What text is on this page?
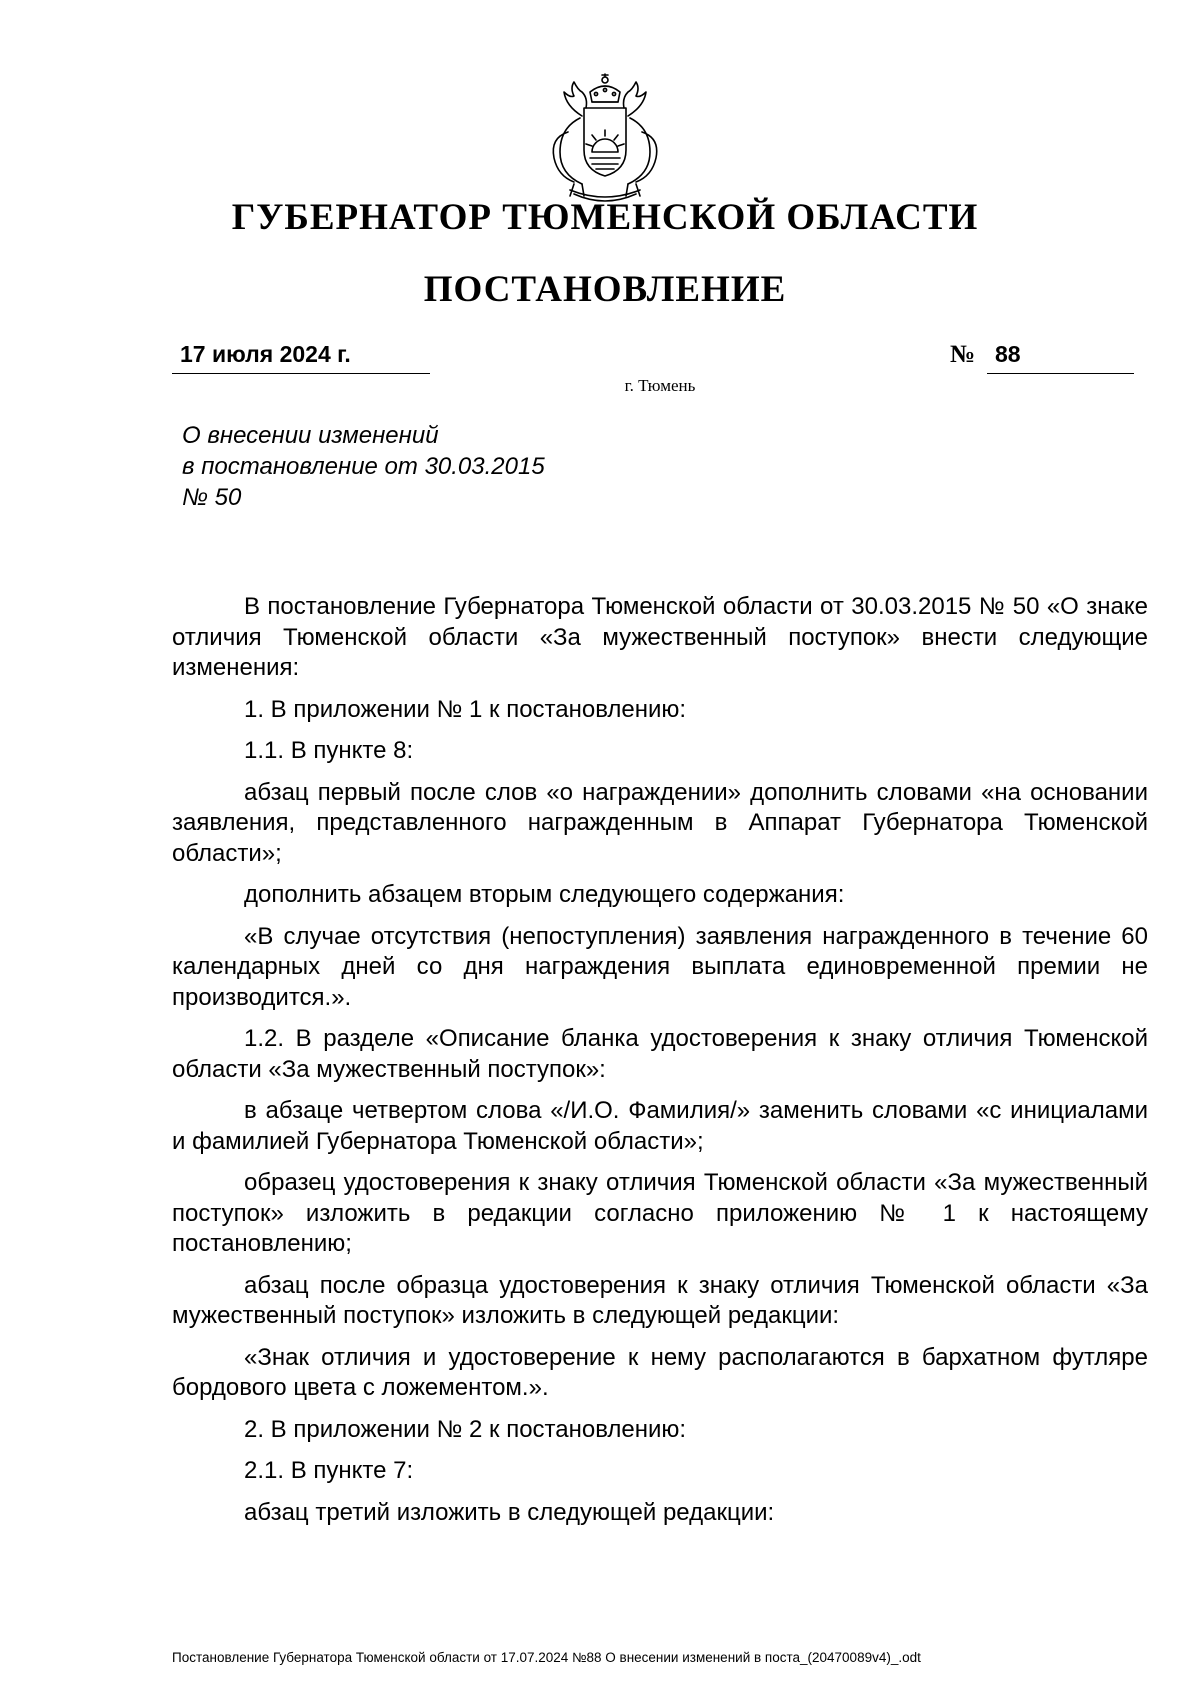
ГУБЕРНАТОР ТЮМЕНСКОЙ ОБЛАСТИ
ПОСТАНОВЛЕНИЕ
17 июля 2024 г.	№ 88
г. Тюмень
О внесении изменений
в постановление от 30.03.2015
№ 50

В постановление Губернатора Тюменской области от 30.03.2015 № 50 «О знаке отличия Тюменской области «За мужественный поступок» внести следующие изменения:

1. В приложении № 1 к постановлению:

1.1. В пункте 8:

абзац первый после слов «о награждении» дополнить словами «на основании заявления, представленного награжденным в Аппарат Губернатора Тюменской области»;

дополнить абзацем вторым следующего содержания:

«В случае отсутствия (непоступления) заявления награжденного в течение 60 календарных дней со дня награждения выплата единовременной премии не производится.».

1.2. В разделе «Описание бланка удостоверения к знаку отличия Тюменской области «За мужественный поступок»:

в абзаце четвертом слова «/И.О. Фамилия/» заменить словами «с инициалами и фамилией Губернатора Тюменской области»;

образец удостоверения к знаку отличия Тюменской области «За мужественный поступок» изложить в редакции согласно приложению № 1 к настоящему постановлению;

абзац после образца удостоверения к знаку отличия Тюменской области «За мужественный поступок» изложить в следующей редакции:

«Знак отличия и удостоверение к нему располагаются в бархатном футляре бордового цвета с ложементом.».

2. В приложении № 2 к постановлению:

2.1. В пункте 7:

абзац третий изложить в следующей редакции:

Постановление Губернатора Тюменской области от 17.07.2024 №88 О внесении изменений в поста_(20470089v4)_.odt
